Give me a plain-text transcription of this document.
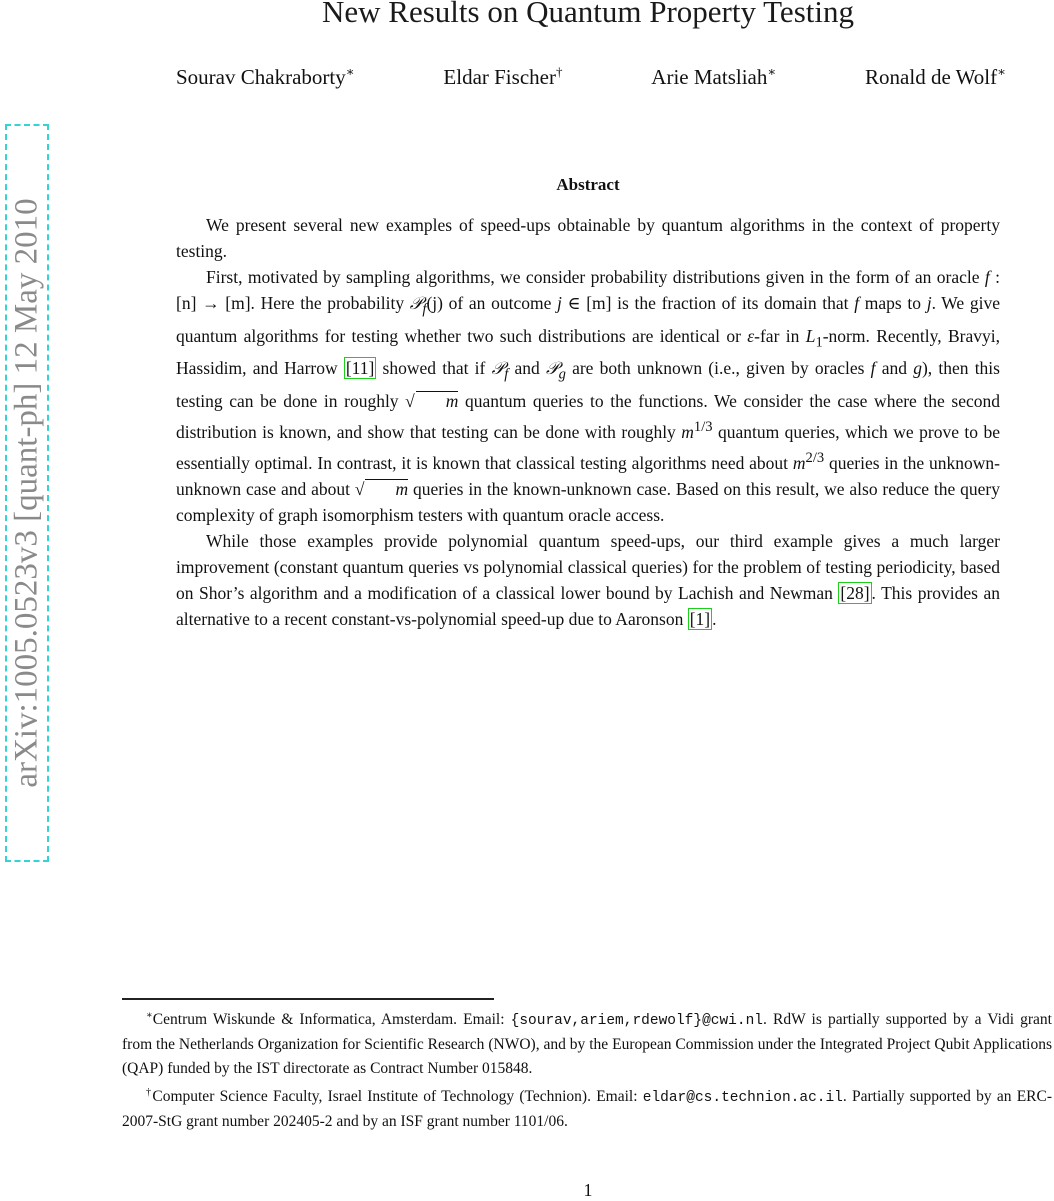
New Results on Quantum Property Testing
Sourav Chakraborty∗	Eldar Fischer†	Arie Matsliah∗	Ronald de Wolf∗
arXiv:1005.0523v3 [quant-ph] 12 May 2010
Abstract

We present several new examples of speed-ups obtainable by quantum algorithms in the context of property testing.

First, motivated by sampling algorithms, we consider probability distributions given in the form of an oracle f : [n] → [m]. Here the probability 𝒫$_f$(j) of an outcome j ∈ [m] is the fraction of its domain that f maps to j. We give quantum algorithms for testing whether two such distributions are identical or ε-far in $L_1$-norm. Recently, Bravyi, Hassidim, and Harrow [11] showed that if 𝒫$_f$ and 𝒫$_g$ are both unknown (i.e., given by oracles f and g), then this testing can be done in roughly √ m quantum queries to the functions. We consider the case where the second distribution is known, and show that testing can be done with roughly $m^{1/3}$ quantum queries, which we prove to be essentially optimal. In contrast, it is known that classical testing algorithms need about $m^{2/3}$ queries in the unknown-unknown case and about √ m queries in the known-unknown case. Based on this result, we also reduce the query complexity of graph isomorphism testers with quantum oracle access.

While those examples provide polynomial quantum speed-ups, our third example gives a much larger improvement (constant quantum queries vs polynomial classical queries) for the problem of testing periodicity, based on Shor’s algorithm and a modification of a classical lower bound by Lachish and Newman [28] . This provides an alternative to a recent constant-vs-polynomial speed-up due to Aaronson [1] .

∗Centrum Wiskunde & Informatica, Amsterdam. Email: {sourav,ariem,rdewolf}@cwi.nl. RdW is partially supported by a Vidi grant from the Netherlands Organization for Scientific Research (NWO), and by the European Commission under the Integrated Project Qubit Applications (QAP) funded by the IST directorate as Contract Number 015848.

†Computer Science Faculty, Israel Institute of Technology (Technion). Email: eldar@cs.technion.ac.il. Partially supported by an ERC-2007-StG grant number 202405-2 and by an ISF grant number 1101/06.

1
